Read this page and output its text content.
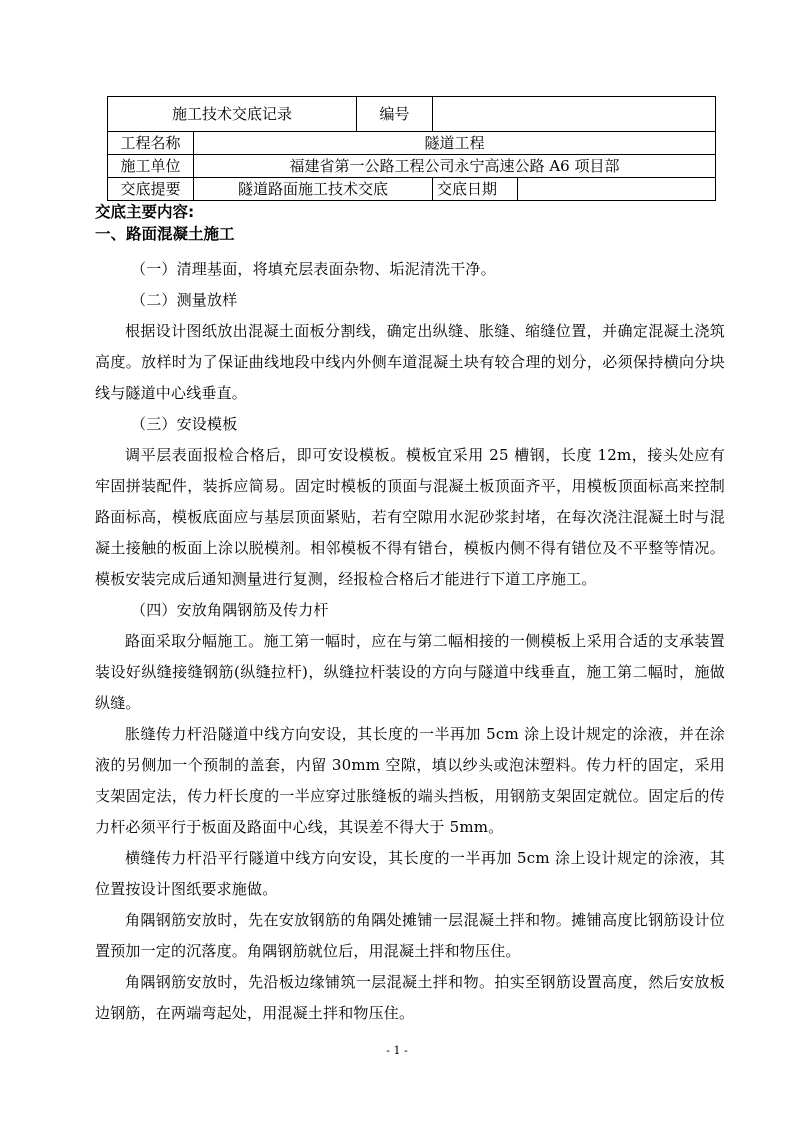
施工技术交底记录		编号		
工程名称	隧道工程			
施工单位	福建省第一公路工程公司永宁高速公路 A6 项目部			
交底提要	隧道路面施工技术交底		交底日期	

交底主要内容:

一、路面混凝土施工

（一）清理基面，将填充层表面杂物、垢泥清洗干净。

（二）测量放样

根据设计图纸放出混凝土面板分割线，确定出纵缝、胀缝、缩缝位置，并确定混凝土浇筑高度。放样时为了保证曲线地段中线内外侧车道混凝土块有较合理的划分，必须保持横向分块线与隧道中心线垂直。

（三）安设模板

调平层表面报检合格后，即可安设模板。模板宜采用 25 槽钢，长度 12m，接头处应有牢固拼装配件，装拆应简易。固定时模板的顶面与混凝土板顶面齐平，用模板顶面标高来控制路面标高，模板底面应与基层顶面紧贴，若有空隙用水泥砂浆封堵，在每次浇注混凝土时与混凝土接触的板面上涂以脱模剂。相邻模板不得有错台，模板内侧不得有错位及不平整等情况。模板安装完成后通知测量进行复测，经报检合格后才能进行下道工序施工。

（四）安放角隅钢筋及传力杆

路面采取分幅施工。施工第一幅时，应在与第二幅相接的一侧模板上采用合适的支承装置装设好纵缝接缝钢筋(纵缝拉杆)，纵缝拉杆装设的方向与隧道中线垂直，施工第二幅时，施做纵缝。

胀缝传力杆沿隧道中线方向安设，其长度的一半再加 5cm 涂上设计规定的涂液，并在涂液的另侧加一个预制的盖套，内留 30mm 空隙，填以纱头或泡沫塑料。传力杆的固定，采用支架固定法，传力杆长度的一半应穿过胀缝板的端头挡板，用钢筋支架固定就位。固定后的传力杆必须平行于板面及路面中心线，其误差不得大于 5mm。

横缝传力杆沿平行隧道中线方向安设，其长度的一半再加 5cm 涂上设计规定的涂液，其位置按设计图纸要求施做。

角隅钢筋安放时，先在安放钢筋的角隅处摊铺一层混凝土拌和物。摊铺高度比钢筋设计位置预加一定的沉落度。角隅钢筋就位后，用混凝土拌和物压住。

角隅钢筋安放时，先沿板边缘铺筑一层混凝土拌和物。拍实至钢筋设置高度，然后安放板边钢筋，在两端弯起处，用混凝土拌和物压住。

- 1 -
